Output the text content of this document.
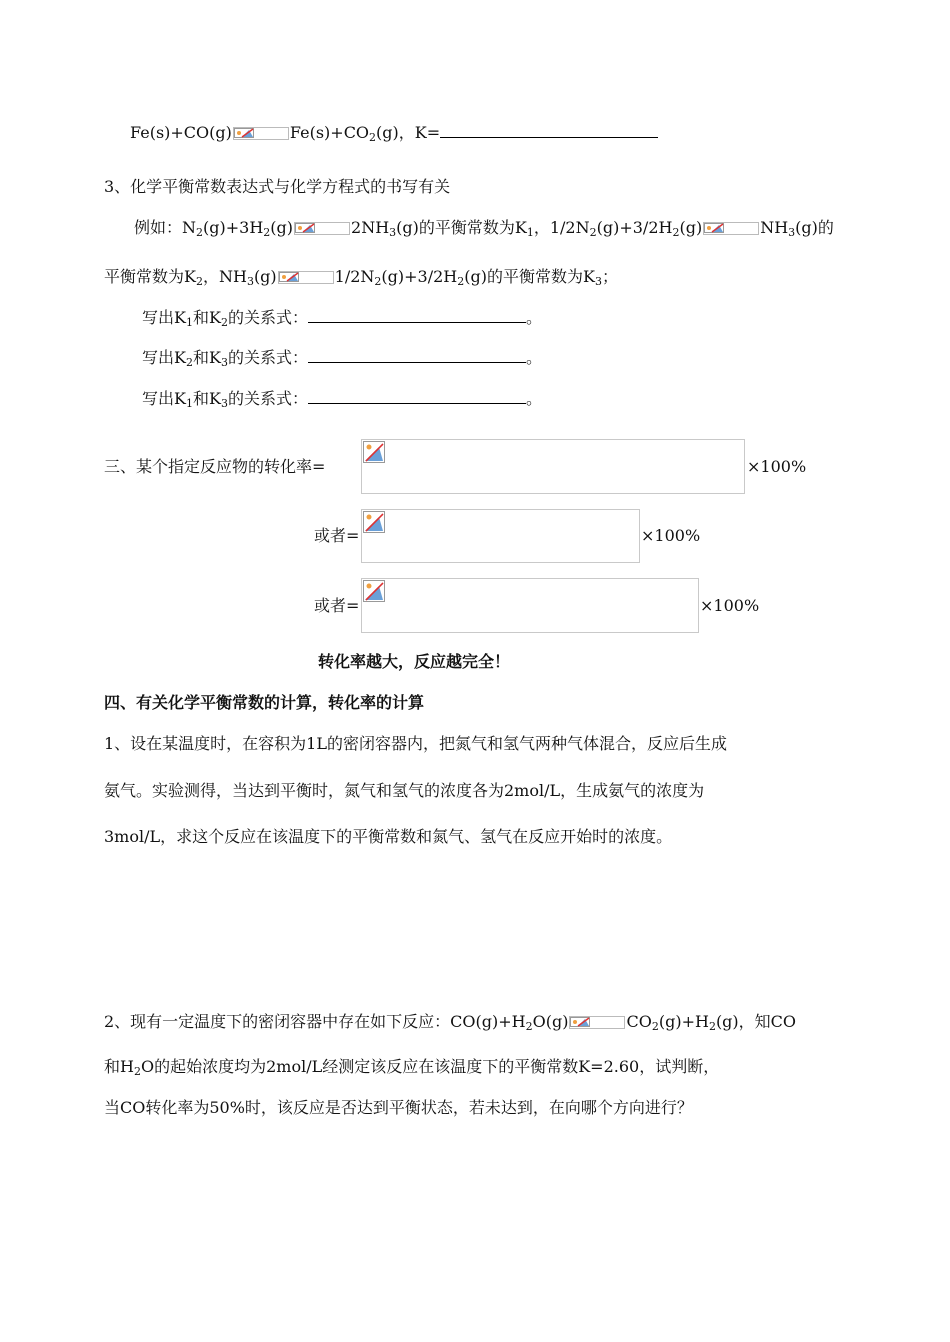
Fe(s)+CO(g)	$Fe(s)+CO_2(g)$，K=
3、化学平衡常数表达式与化学方程式的书写有关
例如：$N_2(g)+3H_2(g)$	$2NH_3(g)$的平衡常数为$K_1$，$1/2N_2(g)+3/2H_2(g)$	$NH_3(g)$的
平衡常数为$K_2$，$NH_3(g)$	$1/2N_2(g)+3/2H_2(g)$的平衡常数为$K_3$；
写出$K_1$和$K_2$的关系式：	。
写出$K_2$和$K_3$的关系式：	。
写出$K_1$和$K_3$的关系式：	。
三、某个指定反应物的转化率=	×100%
或者=	×100%
或者=	×100%
转化率越大，反应越完全！
四、有关化学平衡常数的计算，转化率的计算
1、设在某温度时，在容积为1L的密闭容器内，把氮气和氢气两种气体混合，反应后生成
氨气。实验测得，当达到平衡时，氮气和氢气的浓度各为2mol/L，生成氨气的浓度为
3mol/L，求这个反应在该温度下的平衡常数和氮气、氢气在反应开始时的浓度。
2、现有一定温度下的密闭容器中存在如下反应：$CO(g)+H_2O(g)$	$CO_2(g)+H_2(g)$，知CO
和$H_2O$的起始浓度均为2mol/L经测定该反应在该温度下的平衡常数K=2.60，试判断，
当CO转化率为50%时，该反应是否达到平衡状态，若未达到，在向哪个方向进行？
